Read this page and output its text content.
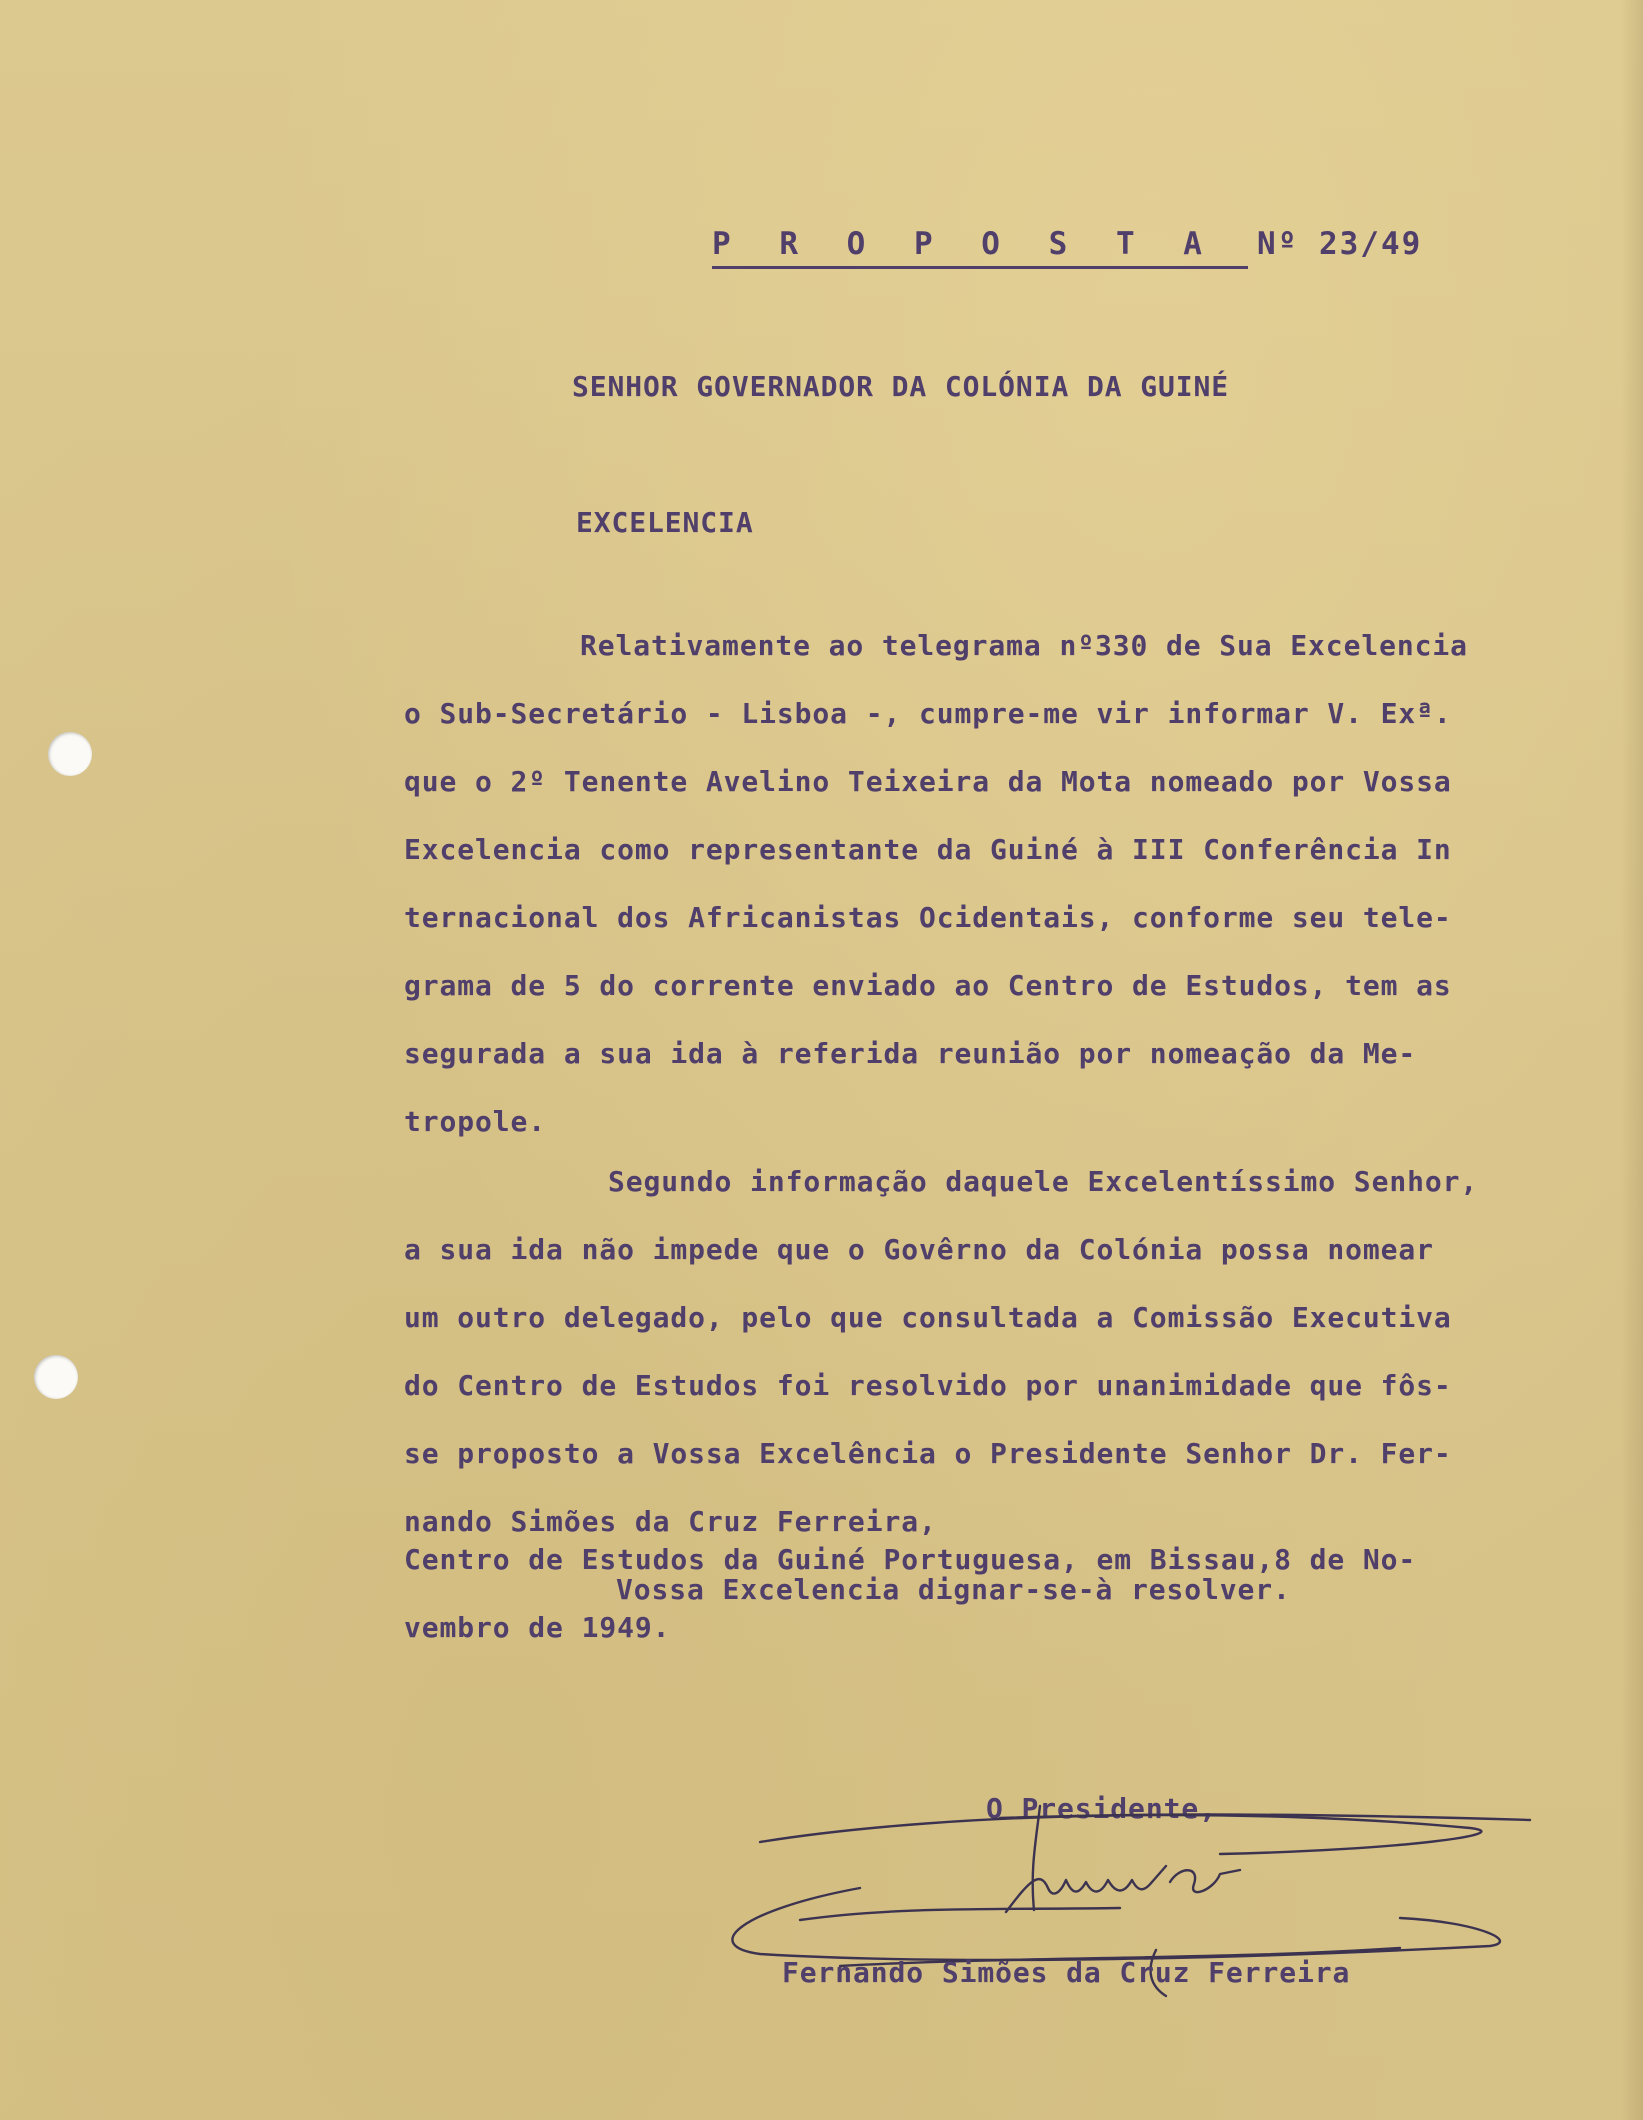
P R O P O S T A Nº 23/49
SENHOR GOVERNADOR DA COLÓNIA DA GUINÉ
EXCELENCIA
Relativamente ao telegrama nº330 de Sua Excelencia
o Sub-Secretário - Lisboa -, cumpre-me vir informar V. Exª.
que o 2º Tenente Avelino Teixeira da Mota nomeado por Vossa
Excelencia como representante da Guiné à III Conferência In
ternacional dos Africanistas Ocidentais, conforme seu tele-
grama de 5 do corrente enviado ao Centro de Estudos, tem as
segurada a sua ida à referida reunião por nomeação da Me-
tropole.
Segundo informação daquele Excelentíssimo Senhor,
a sua ida não impede que o Govêrno da Colónia possa nomear
um outro delegado, pelo que consultada a Comissão Executiva
do Centro de Estudos foi resolvido por unanimidade que fôs-
se proposto a Vossa Excelência o Presidente Senhor Dr. Fer-
nando Simões da Cruz Ferreira,
Vossa Excelencia dignar-se-à resolver.
Centro de Estudos da Guiné Portuguesa, em Bissau,8 de No-
vembro de 1949.
O Presidente,
Fernando Simões da Cruz Ferreira
